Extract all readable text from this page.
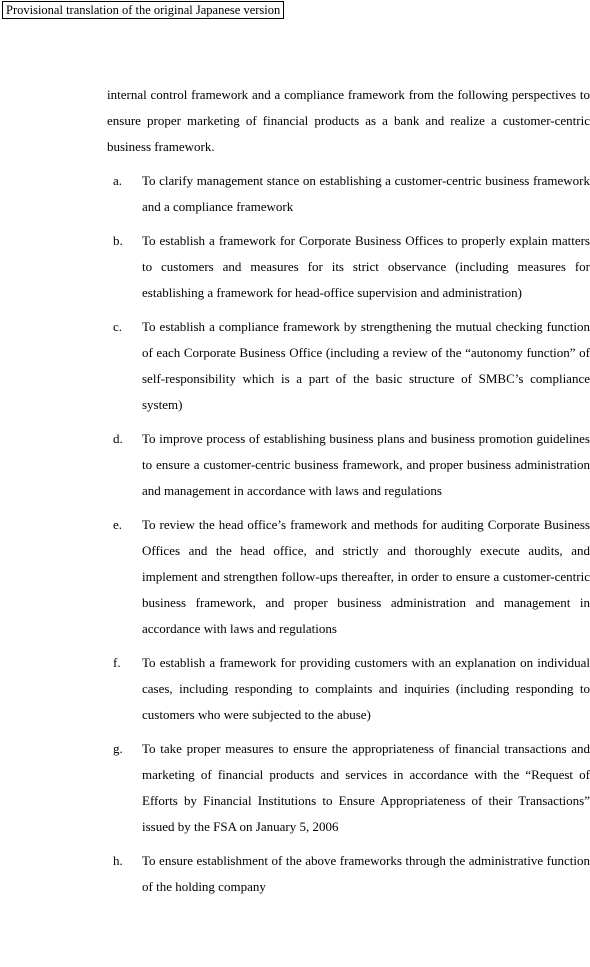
Provisional translation of the original Japanese version

internal control framework and a compliance framework from the following perspectives to ensure proper marketing of financial products as a bank and realize a customer-centric business framework.

a.	To clarify management stance on establishing a customer-centric business framework and a compliance framework
b.	To establish a framework for Corporate Business Offices to properly explain matters to customers and measures for its strict observance (including measures for establishing a framework for head-office supervision and administration)
c.	To establish a compliance framework by strengthening the mutual checking function of each Corporate Business Office (including a review of the “autonomy function” of self-responsibility which is a part of the basic structure of SMBC’s compliance system)
d.	To improve process of establishing business plans and business promotion guidelines to ensure a customer-centric business framework, and proper business administration and management in accordance with laws and regulations
e.	To review the head office’s framework and methods for auditing Corporate Business Offices and the head office, and strictly and thoroughly execute audits, and implement and strengthen follow-ups thereafter, in order to ensure a customer-centric business framework, and proper business administration and management in accordance with laws and regulations
f.	To establish a framework for providing customers with an explanation on individual cases, including responding to complaints and inquiries (including responding to customers who were subjected to the abuse)
g.	To take proper measures to ensure the appropriateness of financial transactions and marketing of financial products and services in accordance with the “Request of Efforts by Financial Institutions to Ensure Appropriateness of their Transactions” issued by the FSA on January 5, 2006
h.	To ensure establishment of the above frameworks through the administrative function of the holding company
